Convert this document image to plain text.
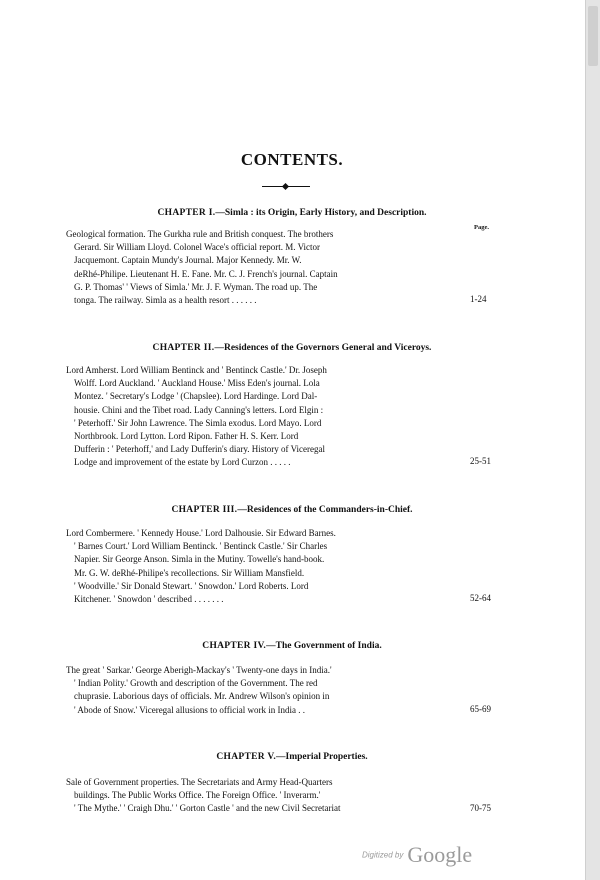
CONTENTS.
Page.
CHAPTER I.—Simla : its Origin, Early History, and Description.
Geological formation. The Gurkha rule and British conquest. The brothers
Gerard. Sir William Lloyd. Colonel Wace's official report. M. Victor
Jacquemont. Captain Mundy's Journal. Major Kennedy. Mr. W.
deRhé-Philipe. Lieutenant H. E. Fane. Mr. C. J. French's journal. Captain
G. P. Thomas' ' Views of Simla.' Mr. J. F. Wyman. The road up. The
tonga. The railway. Simla as a health resort . . . . . .	1-24
CHAPTER II.—Residences of the Governors General and Viceroys.
Lord Amherst. Lord William Bentinck and ' Bentinck Castle.' Dr. Joseph
Wolff. Lord Auckland. ' Auckland House.' Miss Eden's journal. Lola
Montez. ' Secretary's Lodge ' (Chapslee). Lord Hardinge. Lord Dal-
housie. Chini and the Tibet road. Lady Canning's letters. Lord Elgin :
' Peterhoff.' Sir John Lawrence. The Simla exodus. Lord Mayo. Lord
Northbrook. Lord Lytton. Lord Ripon. Father H. S. Kerr. Lord
Dufferin : ' Peterhoff,' and Lady Dufferin's diary. History of Viceregal
Lodge and improvement of the estate by Lord Curzon . . . . .	25-51
CHAPTER III.—Residences of the Commanders-in-Chief.
Lord Combermere. ' Kennedy House.' Lord Dalhousie. Sir Edward Barnes.
' Barnes Court.' Lord William Bentinck. ' Bentinck Castle.' Sir Charles
Napier. Sir George Anson. Simla in the Mutiny. Towelle's hand-book.
Mr. G. W. deRhé-Philipe's recollections. Sir William Mansfield.
' Woodville.' Sir Donald Stewart. ' Snowdon.' Lord Roberts. Lord
Kitchener. ' Snowdon ' described . . . . . . .	52-64
CHAPTER IV.—The Government of India.
The great ' Sarkar.' George Aberigh-Mackay's ' Twenty-one days in India.'
' Indian Polity.' Growth and description of the Government. The red
chuprasie. Laborious days of officials. Mr. Andrew Wilson's opinion in
' Abode of Snow.' Viceregal allusions to official work in India . .	65-69
CHAPTER V.—Imperial Properties.
Sale of Government properties. The Secretariats and Army Head-Quarters
buildings. The Public Works Office. The Foreign Office. ' Inverarm.'
' The Mythe.' ' Craigh Dhu.' ' Gorton Castle ' and the new Civil Secretariat	70-75
Digitized by Google
